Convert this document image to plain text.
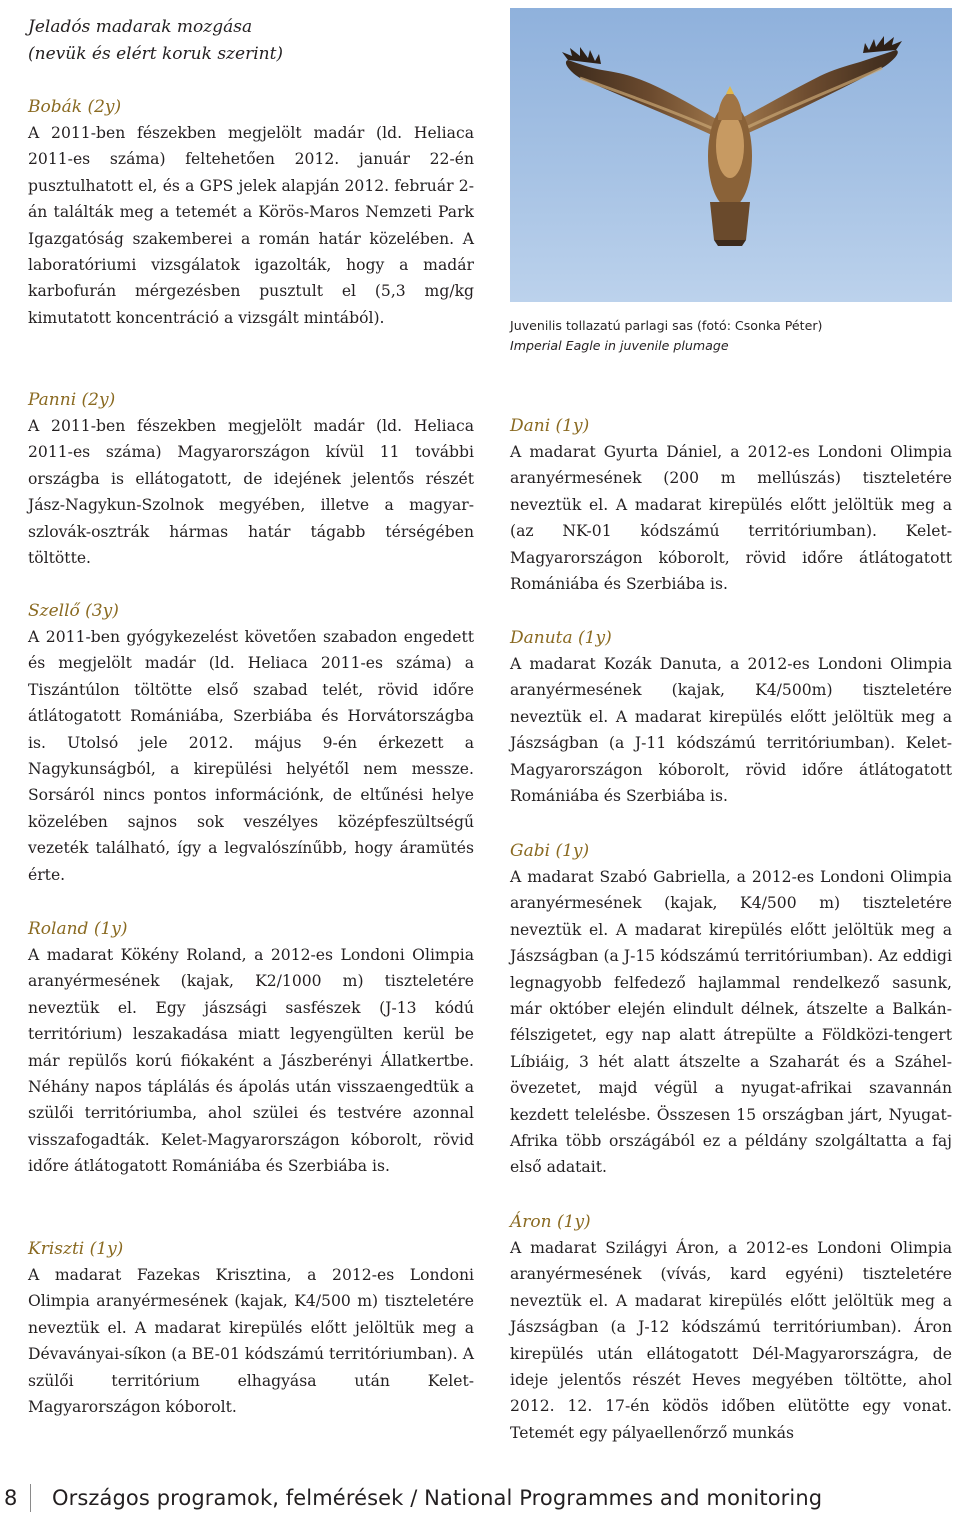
Jeladós madarak mozgása

(nevük és elért koruk szerint)

Bobák (2y)

A 2011-ben fészekben megjelölt madár (ld. Heliaca 2011-es száma) feltehetően 2012. január 22-én pusztulhatott el, és a GPS jelek alapján 2012. február 2-án találták meg a tetemét a Körös-Maros Nemzeti Park Igazgatóság szakemberei a román határ közelében. A laboratóriumi vizsgálatok igazolták, hogy a madár karbofurán mérgezésben pusztult el (5,3 mg/kg kimutatott koncentráció a vizsgált mintából).

Panni (2y)

A 2011-ben fészekben megjelölt madár (ld. Heliaca 2011-es száma) Magyarországon kívül 11 további országba is ellátogatott, de idejének jelentős részét Jász-Nagykun-Szolnok megyében, illetve a magyar-szlovák-osztrák hármas határ tágabb térségében töltötte.

Szellő (3y)

A 2011-ben gyógykezelést követően szabadon engedett és megjelölt madár (ld. Heliaca 2011-es száma) a Tiszántúlon töltötte első szabad telét, rövid időre átlátogatott Romániába, Szerbiába és Horvátországba is. Utolsó jele 2012. május 9-én érkezett a Nagykunságból, a kirepülési helyétől nem messze. Sorsáról nincs pontos információnk, de eltűnési helye közelében sajnos sok veszélyes középfeszültségű vezeték található, így a legvalószínűbb, hogy áramütés érte.

Roland (1y)

A madarat Kökény Roland, a 2012-es Londoni Olimpia aranyérmesének (kajak, K2/1000 m) tiszteletére neveztük el. Egy jászsági sasfészek (J-13 kódú territórium) leszakadása miatt legyengülten kerül be már repülős korú fiókaként a Jászberényi Állatkertbe. Néhány napos táplálás és ápolás után visszaengedtük a szülői territóriumba, ahol szülei és testvére azonnal visszafogadták. Kelet-Magyarországon kóborolt, rövid időre átlátogatott Romániába és Szerbiába is.

Kriszti (1y)

A madarat Fazekas Krisztina, a 2012-es Londoni Olimpia aranyérmesének (kajak, K4/500 m) tiszteletére neveztük el. A madarat kirepülés előtt jelöltük meg a Dévaványai-síkon (a BE-01 kódszámú territóriumban). A szülői territórium elhagyása után Kelet-Magyarországon kóborolt.

Juvenilis tollazatú parlagi sas (fotó: Csonka Péter)
Imperial Eagle in juvenile plumage

Dani (1y)

A madarat Gyurta Dániel, a 2012-es Londoni Olimpia aranyérmesének (200 m mellúszás) tiszteletére neveztük el. A madarat kirepülés előtt jelöltük meg a (az NK-01 kódszámú territóriumban). Kelet-Magyarországon kóborolt, rövid időre átlátogatott Romániába és Szerbiába is.

Danuta (1y)

A madarat Kozák Danuta, a 2012-es Londoni Olimpia aranyérmesének (kajak, K4/500m) tiszteletére neveztük el. A madarat kirepülés előtt jelöltük meg a Jászságban (a J-11 kódszámú territóriumban). Kelet-Magyarországon kóborolt, rövid időre átlátogatott Romániába és Szerbiába is.

Gabi (1y)

A madarat Szabó Gabriella, a 2012-es Londoni Olimpia aranyérmesének (kajak, K4/500 m) tiszteletére neveztük el. A madarat kirepülés előtt jelöltük meg a Jászságban (a J-15 kódszámú territóriumban). Az eddigi legnagyobb felfedező hajlammal rendelkező sasunk, már október elején elindult délnek, átszelte a Balkán-félszigetet, egy nap alatt átrepülte a Földközi-tengert Líbiáig, 3 hét alatt átszelte a Szaharát és a Száhel-övezetet, majd végül a nyugat-afrikai szavannán kezdett telelésbe. Összesen 15 országban járt, Nyugat-Afrika több országából ez a példány szolgáltatta a faj első adatait.

Áron (1y)

A madarat Szilágyi Áron, a 2012-es Londoni Olimpia aranyérmesének (vívás, kard egyéni) tiszteletére neveztük el. A madarat kirepülés előtt jelöltük meg a Jászságban (a J-12 kódszámú territóriumban). Áron kirepülés után ellátogatott Dél-Magyarországra, de ideje jelentős részét Heves megyében töltötte, ahol 2012. 12. 17-én ködös időben elütötte egy vonat. Tetemét egy pályaellenőrző munkás

8 Országos programok, felmérések / National Programmes and monitoring
